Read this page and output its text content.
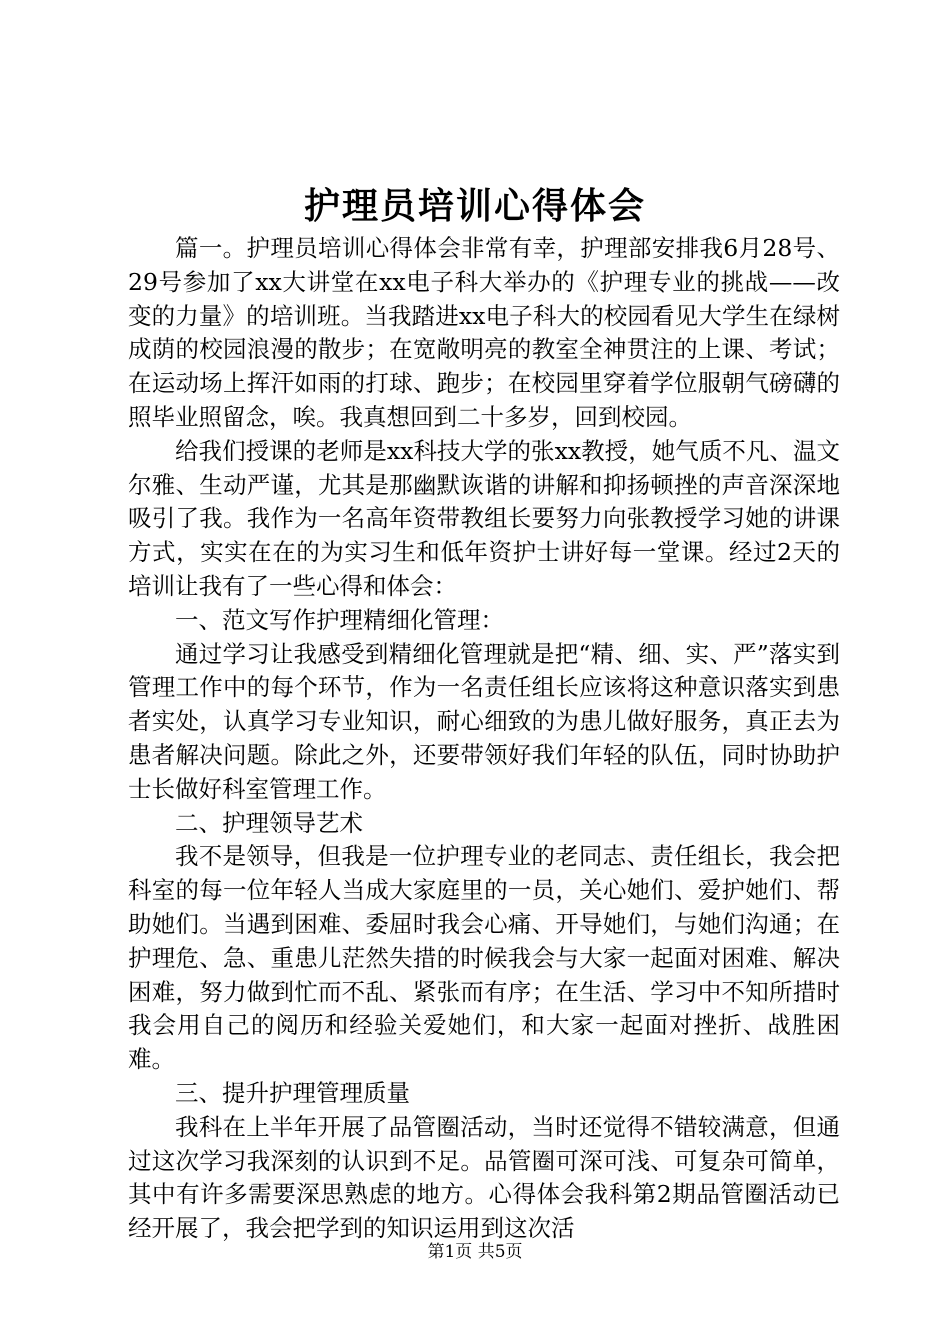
护理员培训心得体会

篇一。护理员培训心得体会非常有幸，护理部安排我6月28号、29号参加了xx大讲堂在xx电子科大举办的《护理专业的挑战——改变的力量》的培训班。当我踏进xx电子科大的校园看见大学生在绿树成荫的校园浪漫的散步；在宽敞明亮的教室全神贯注的上课、考试；在运动场上挥汗如雨的打球、跑步；在校园里穿着学位服朝气磅礴的照毕业照留念，唉。我真想回到二十多岁，回到校园。

给我们授课的老师是xx科技大学的张xx教授，她气质不凡、温文尔雅、生动严谨，尤其是那幽默诙谐的讲解和抑扬顿挫的声音深深地吸引了我。我作为一名高年资带教组长要努力向张教授学习她的讲课方式，实实在在的为实习生和低年资护士讲好每一堂课。经过2天的培训让我有了一些心得和体会：

一、范文写作护理精细化管理：

通过学习让我感受到精细化管理就是把“精、细、实、严”落实到管理工作中的每个环节，作为一名责任组长应该将这种意识落实到患者实处，认真学习专业知识，耐心细致的为患儿做好服务，真正去为患者解决问题。除此之外，还要带领好我们年轻的队伍，同时协助护士长做好科室管理工作。

二、护理领导艺术

我不是领导，但我是一位护理专业的老同志、责任组长，我会把科室的每一位年轻人当成大家庭里的一员，关心她们、爱护她们、帮助她们。当遇到困难、委屈时我会心痛、开导她们，与她们沟通；在护理危、急、重患儿茫然失措的时候我会与大家一起面对困难、解决困难，努力做到忙而不乱、紧张而有序；在生活、学习中不知所措时我会用自己的阅历和经验关爱她们，和大家一起面对挫折、战胜困难。

三、提升护理管理质量

我科在上半年开展了品管圈活动，当时还觉得不错较满意，但通过这次学习我深刻的认识到不足。品管圈可深可浅、可复杂可简单，其中有许多需要深思熟虑的地方。心得体会我科第2期品管圈活动已经开展了，我会把学到的知识运用到这次活

第1页 共5页
